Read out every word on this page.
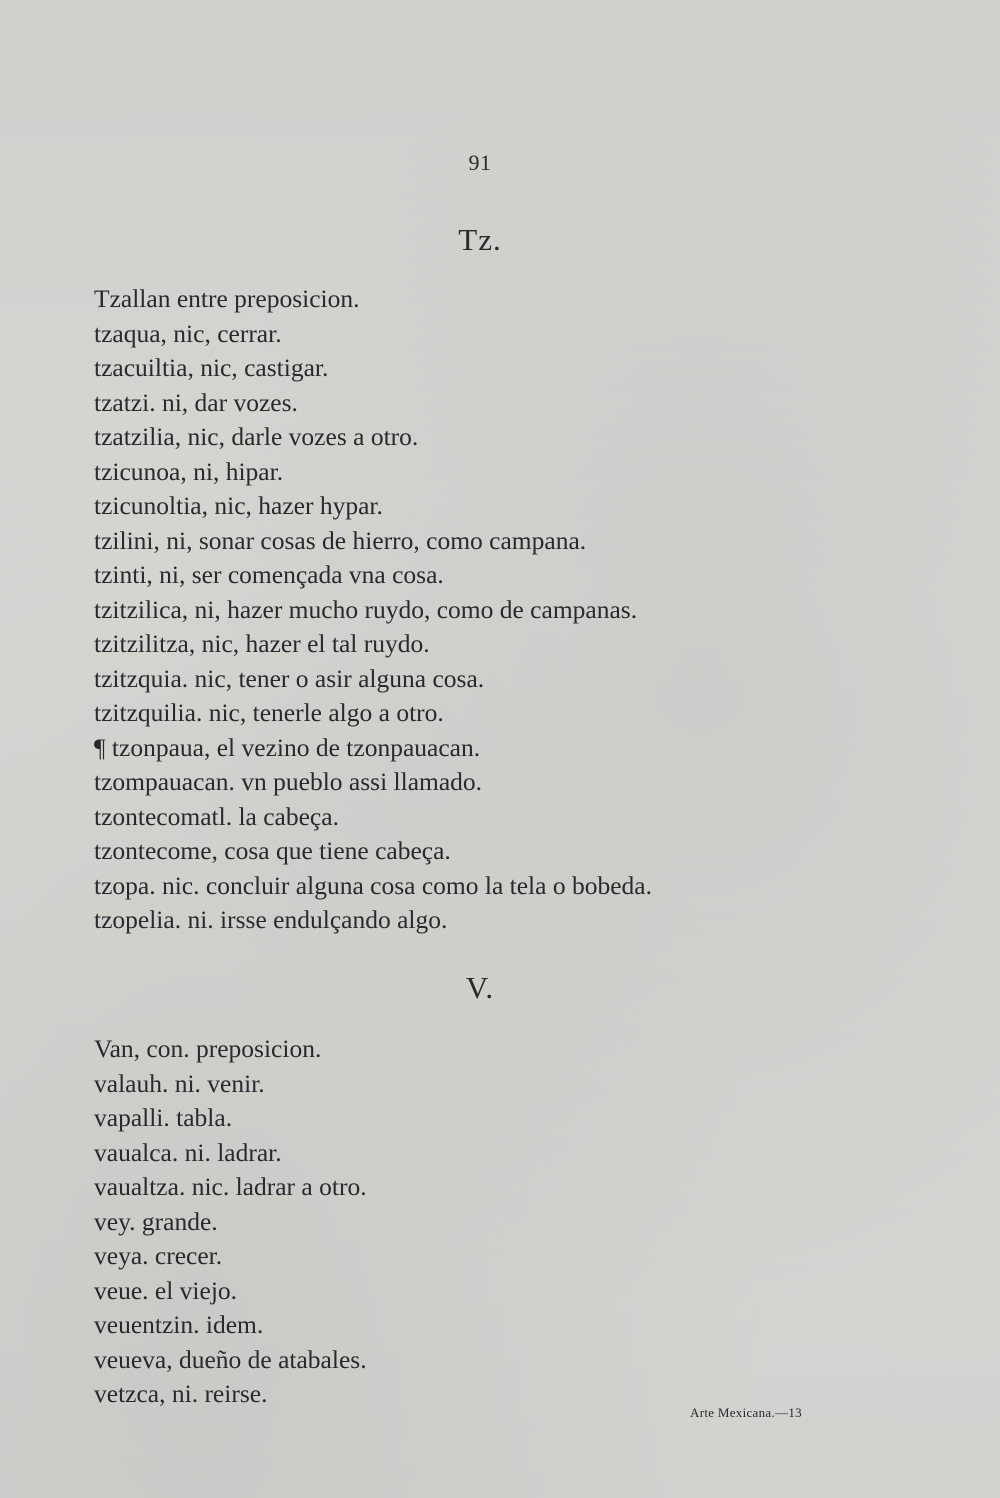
91
Tz.
Tzallan entre preposicion.
tzaqua, nic, cerrar.
tzacuiltia, nic, castigar.
tzatzi. ni, dar vozes.
tzatzilia, nic, darle vozes a otro.
tzicunoa, ni, hipar.
tzicunoltia, nic, hazer hypar.
tzilini, ni, sonar cosas de hierro, como campana.
tzinti, ni, ser començada vna cosa.
tzitzilica, ni, hazer mucho ruydo, como de campanas.
tzitzilitza, nic, hazer el tal ruydo.
tzitzquia. nic, tener o asir alguna cosa.
tzitzquilia. nic, tenerle algo a otro.
¶ tzonpaua, el vezino de tzonpauacan.
tzompauacan. vn pueblo assi llamado.
tzontecomatl. la cabeça.
tzontecome, cosa que tiene cabeça.
tzopa. nic. concluir alguna cosa como la tela o bobeda.
tzopelia. ni. irsse endulçando algo.
V.
Van, con. preposicion.
valauh. ni. venir.
vapalli. tabla.
vaualca. ni. ladrar.
vaualtza. nic. ladrar a otro.
vey. grande.
veya. crecer.
veue. el viejo.
veuentzin. idem.
veueva, dueño de atabales.
vetzca, ni. reirse.
Arte Mexicana.—13
